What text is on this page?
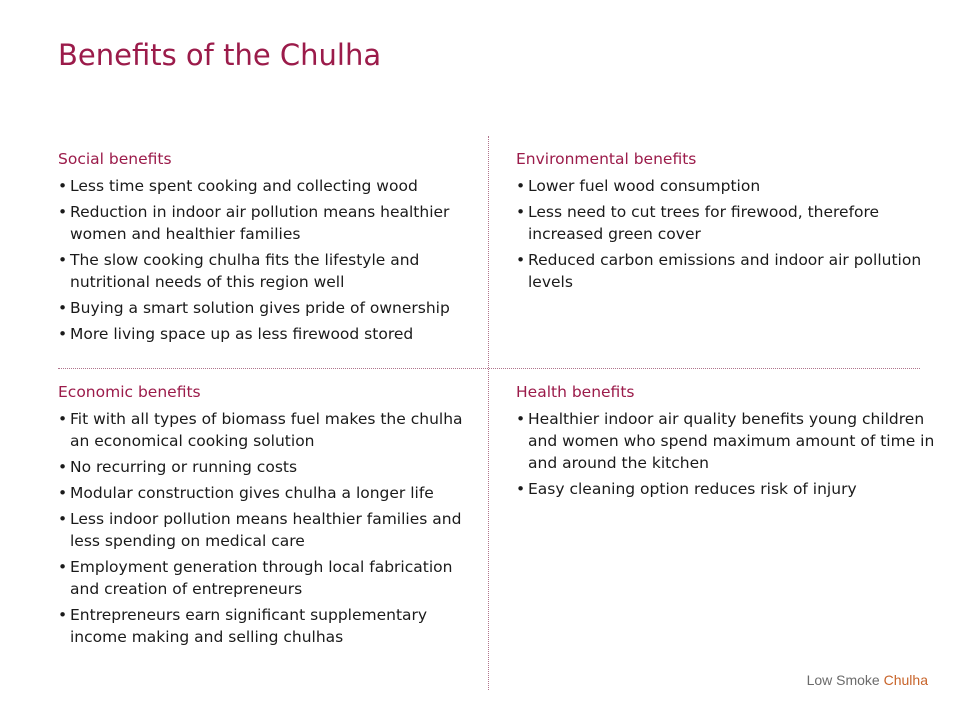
Benefits of the Chulha
Social benefits
• Less time spent cooking and collecting wood
• Reduction in indoor air pollution means healthier women and healthier families
• The slow cooking chulha fits the lifestyle and nutritional needs of this region well
• Buying a smart solution gives pride of ownership
• More living space up as less firewood stored
Environmental benefits
• Lower fuel wood consumption
• Less need to cut trees for firewood, therefore increased green cover
• Reduced carbon emissions and indoor air pollution levels
Economic benefits
• Fit with all types of biomass fuel makes the chulha an economical cooking solution
• No recurring or running costs
• Modular construction gives chulha a longer life
• Less indoor pollution means healthier families and less spending on medical care
• Employment generation through local fabrication and creation of entrepreneurs
• Entrepreneurs earn significant supplementary income making and selling chulhas
Health benefits
• Healthier indoor air quality benefits young children and women who spend maximum amount of time in and around the kitchen
• Easy cleaning option reduces risk of injury
Low Smoke Chulha
